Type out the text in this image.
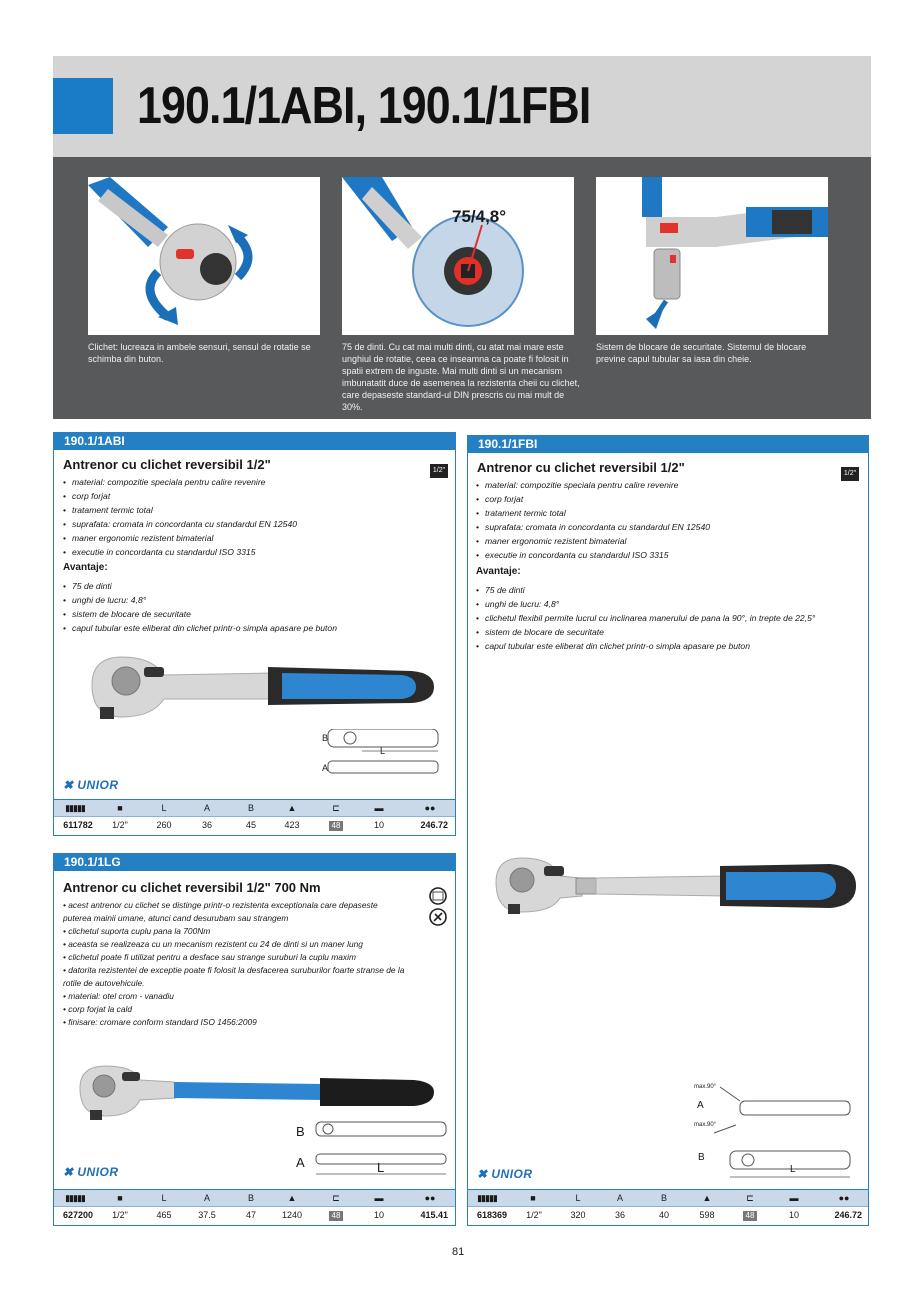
190.1/1ABI, 190.1/1FBI
Clichet: lucreaza in ambele sensuri, sensul de rotatie se schimba din buton.
75/4,8°
75 de dinti. Cu cat mai multi dinti, cu atat mai mare este unghiul de rotatie, ceea ce inseamna ca poate fi folosit in spatii extrem de inguste. Mai multi dinti si un mecanism imbunatatit duce de asemenea la rezistenta cheii cu clichet, care depaseste standard-ul DIN prescris cu mai mult de 30%.
Sistem de blocare de securitate. Sistemul de blocare previne capul tubular sa iasa din cheie.
190.1/1ABI
Antrenor cu clichet reversibil 1/2"	1/2"
• material: compozitie speciala pentru calire revenire
• corp forjat
• tratament termic total
• suprafata: cromata in concordanta cu standardul EN 12540
• maner ergonomic rezistent bimaterial
• executie in concordanta cu standardul ISO 3315
Avantaje:
• 75 de dinti
• unghi de lucru: 4,8°
• sistem de blocare de securitate
• capul tubular este eliberat din clichet printr-o simpla apasare pe buton
B
L
A
✖ UNIOR
▮▮▮▮▮	■	L	A	B	▲	⊏	▬	●●
611782	1/2"	260	36	45	423	48	10	246.72
190.1/1FBI
Antrenor cu clichet reversibil 1/2"	1/2"
• material: compozitie speciala pentru calire revenire
• corp forjat
• tratament termic total
• suprafata: cromata in concordanta cu standardul EN 12540
• maner ergonomic rezistent bimaterial
• executie in concordanta cu standardul ISO 3315
Avantaje:
• 75 de dinti
• unghi de lucru: 4,8°
• clichetul flexibil permite lucrul cu inclinarea manerului de pana la 90°, in trepte de 22,5°
• sistem de blocare de securitate
• capul tubular este eliberat din clichet printr-o simpla apasare pe buton
max.90°
max.90°
A
B
L
✖ UNIOR
▮▮▮▮▮	■	L	A	B	▲	⊏	▬	●●
618369	1/2"	320	36	40	598	48	10	246.72
190.1/1LG
Antrenor cu clichet reversibil 1/2" 700 Nm
• acest antrenor cu clichet se distinge printr-o rezistenta exceptionala care depaseste
puterea mainii umane, atunci cand desurubam sau strangem
• clichetul suporta cuplu pana la 700Nm
• aceasta se realizeaza cu un mecanism rezistent cu 24 de dinti si un maner lung
• clichetul poate fi utilizat pentru a desface sau strange suruburi la cuplu maxim
• datorita rezistentei de exceptie poate fi folosit la desfacerea suruburilor foarte stranse de la
rotile de autovehicule.
• material: otel crom - vanadiu
• corp forjat la cald
• finisare: cromare conform standard ISO 1456:2009
B
A	L
✖ UNIOR
▮▮▮▮▮	■	L	A	B	▲	⊏	▬	●●
627200	1/2"	465	37.5	47	1240	48	10	415.41
81
